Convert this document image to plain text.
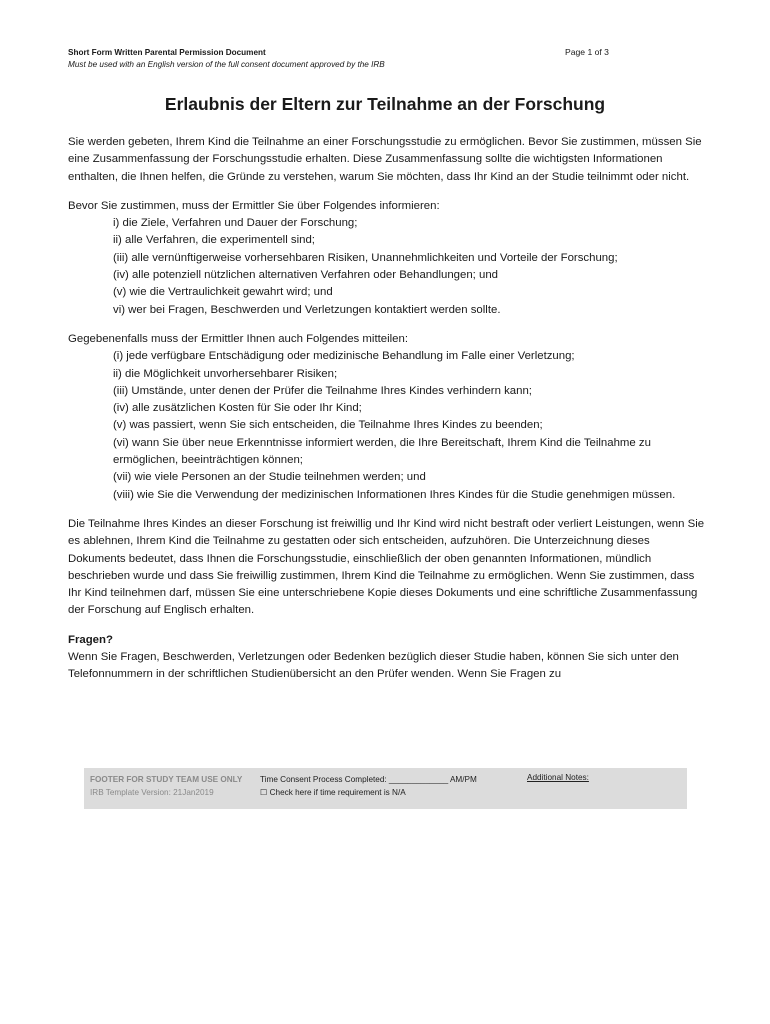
Short Form Written Parental Permission Document
Must be used with an English version of the full consent document approved by the IRB
Page 1 of 3
Erlaubnis der Eltern zur Teilnahme an der Forschung

Sie werden gebeten, Ihrem Kind die Teilnahme an einer Forschungsstudie zu ermöglichen. Bevor Sie zustimmen, müssen Sie eine Zusammenfassung der Forschungsstudie erhalten. Diese Zusammenfassung sollte die wichtigsten Informationen enthalten, die Ihnen helfen, die Gründe zu verstehen, warum Sie möchten, dass Ihr Kind an der Studie teilnimmt oder nicht.

Bevor Sie zustimmen, muss der Ermittler Sie über Folgendes informieren:

i) die Ziele, Verfahren und Dauer der Forschung;

ii) alle Verfahren, die experimentell sind;

(iii) alle vernünftigerweise vorhersehbaren Risiken, Unannehmlichkeiten und Vorteile der Forschung;

(iv) alle potenziell nützlichen alternativen Verfahren oder Behandlungen; und

(v) wie die Vertraulichkeit gewahrt wird; und

vi) wer bei Fragen, Beschwerden und Verletzungen kontaktiert werden sollte.

Gegebenenfalls muss der Ermittler Ihnen auch Folgendes mitteilen:

(i) jede verfügbare Entschädigung oder medizinische Behandlung im Falle einer Verletzung;

ii) die Möglichkeit unvorhersehbarer Risiken;

(iii) Umstände, unter denen der Prüfer die Teilnahme Ihres Kindes verhindern kann;

(iv) alle zusätzlichen Kosten für Sie oder Ihr Kind;

(v) was passiert, wenn Sie sich entscheiden, die Teilnahme Ihres Kindes zu beenden;

(vi) wann Sie über neue Erkenntnisse informiert werden, die Ihre Bereitschaft, Ihrem Kind die Teilnahme zu ermöglichen, beeinträchtigen können;

(vii) wie viele Personen an der Studie teilnehmen werden; und

(viii) wie Sie die Verwendung der medizinischen Informationen Ihres Kindes für die Studie genehmigen müssen.

Die Teilnahme Ihres Kindes an dieser Forschung ist freiwillig und Ihr Kind wird nicht bestraft oder verliert Leistungen, wenn Sie es ablehnen, Ihrem Kind die Teilnahme zu gestatten oder sich entscheiden, aufzuhören. Die Unterzeichnung dieses Dokuments bedeutet, dass Ihnen die Forschungsstudie, einschließlich der oben genannten Informationen, mündlich beschrieben wurde und dass Sie freiwillig zustimmen, Ihrem Kind die Teilnahme zu ermöglichen. Wenn Sie zustimmen, dass Ihr Kind teilnehmen darf, müssen Sie eine unterschriebene Kopie dieses Dokuments und eine schriftliche Zusammenfassung der Forschung auf Englisch erhalten.

Fragen?

Wenn Sie Fragen, Beschwerden, Verletzungen oder Bedenken bezüglich dieser Studie haben, können Sie sich unter den Telefonnummern in der schriftlichen Studienübersicht an den Prüfer wenden. Wenn Sie Fragen zu

FOOTER FOR STUDY TEAM USE ONLY
IRB Template Version: 21Jan2019
Time Consent Process Completed: _____________ AM/PM
☐ Check here if time requirement is N/A
Additional Notes:
